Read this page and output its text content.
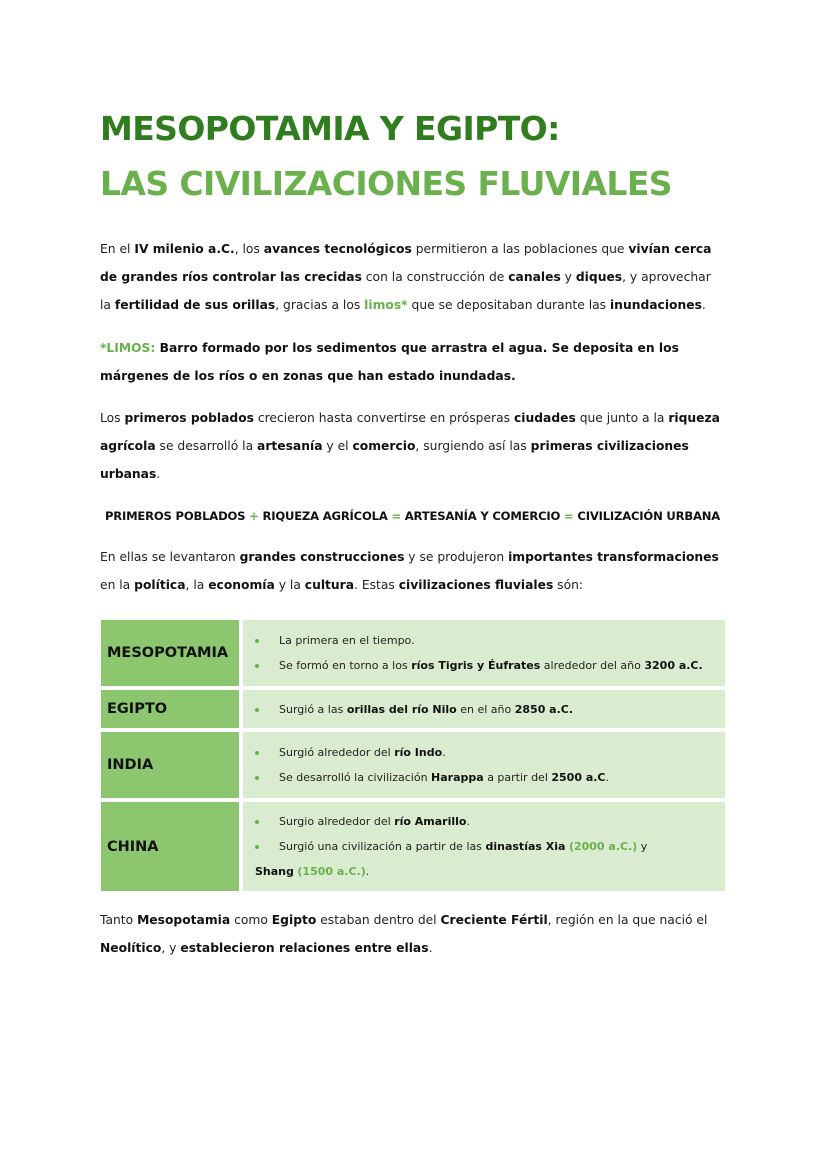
MESOPOTAMIA Y EGIPTO:
LAS CIVILIZACIONES FLUVIALES
En el IV milenio a.C., los avances tecnológicos permitieron a las poblaciones que vivían cerca de grandes ríos controlar las crecidas con la construcción de canales y diques, y aprovechar la fertilidad de sus orillas, gracias a los limos* que se depositaban durante las inundaciones.
*LIMOS: Barro formado por los sedimentos que arrastra el agua. Se deposita en los márgenes de los ríos o en zonas que han estado inundadas.
Los primeros poblados crecieron hasta convertirse en prósperas ciudades que junto a la riqueza agrícola se desarrolló la artesanía y el comercio, surgiendo así las primeras civilizaciones urbanas.
PRIMEROS POBLADOS + RIQUEZA AGRÍCOLA = ARTESANÍA Y COMERCIO = CIVILIZACIÓN URBANA
En ellas se levantaron grandes construcciones y se produjeron importantes transformaciones en la política, la economía y la cultura. Estas civilizaciones fluviales són:
MESOPOTAMIA
La primera en el tiempo.
Se formó en torno a los ríos Tigris y Éufrates alrededor del año 3200 a.C.
EGIPTO	Surgió a las orillas del río Nilo en el año 2850 a.C.
INDIA
Surgió alrededor del río Indo.
Se desarrolló la civilización Harappa a partir del 2500 a.C.
CHINA
Surgio alrededor del río Amarillo.
Surgió una civilización a partir de las dinastías Xia (2000 a.C.) y
Shang (1500 a.C.).
Tanto Mesopotamia como Egipto estaban dentro del Creciente Fértil, región en la que nació el Neolítico, y establecieron relaciones entre ellas.
